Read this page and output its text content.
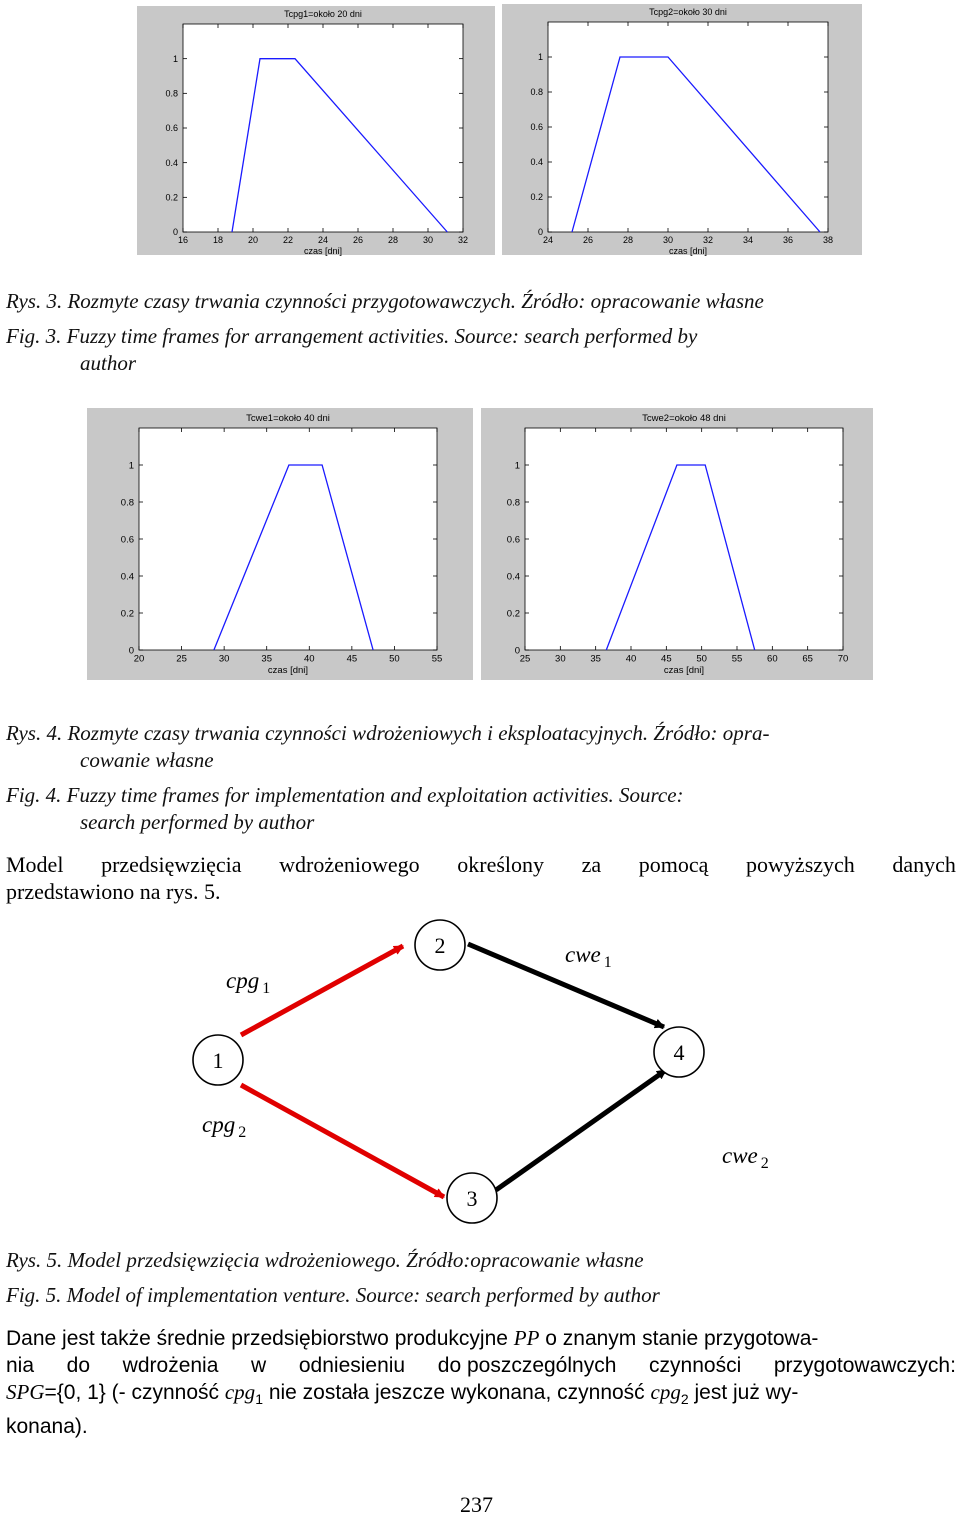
Tcpg1=około 20 dni
16	18	20	22	24	26	28	30	32
0
0.2
0.4
0.6
0.8
1
czas [dni]
Tcpg2=około 30 dni
24	26	28	30	32	34	36	38
0
0.2
0.4
0.6
0.8
1
czas [dni]
Rys. 3. Rozmyte czasy trwania czynności przygotowawczych. Źródło: opracowanie własne
Fig. 3. Fuzzy time frames for arrangement activities. Source: search performed by
author
Tcwe1=około 40 dni
20	25	30	35	40	45	50	55
0
0.2
0.4
0.6
0.8
1
czas [dni]
Tcwe2=około 48 dni
25	30	35	40	45	50	55	60	65	70
0
0.2
0.4
0.6
0.8
1
czas [dni]
Rys. 4. Rozmyte czasy trwania czynności wdrożeniowych i eksploatacyjnych. Źródło: opra-
cowanie własne
Fig. 4. Fuzzy time frames for implementation and exploitation activities. Source:
search performed by author
Model przedsięwzięcia wdrożeniowego określony za pomocą powyższych danych
przedstawiono na rys. 5.
1
2
3
4
cpg $_1$
cpg $_2$
cwe $_1$
cwe $_2$
Rys. 5. Model przedsięwzięcia wdrożeniowego. Źródło:opracowanie własne
Fig. 5. Model of implementation venture. Source: search performed by author
Dane jest także średnie przedsiębiorstwo produkcyjne PP o znanym stanie przygotowa-
nia do wdrożenia w odniesieniu do poszczególnych czynności przygotowawczych:
SPG={0, 1} (- czynność cpg$_1$ nie została jeszcze wykonana, czynność cpg$_2$ jest już wy-
konana).
237
